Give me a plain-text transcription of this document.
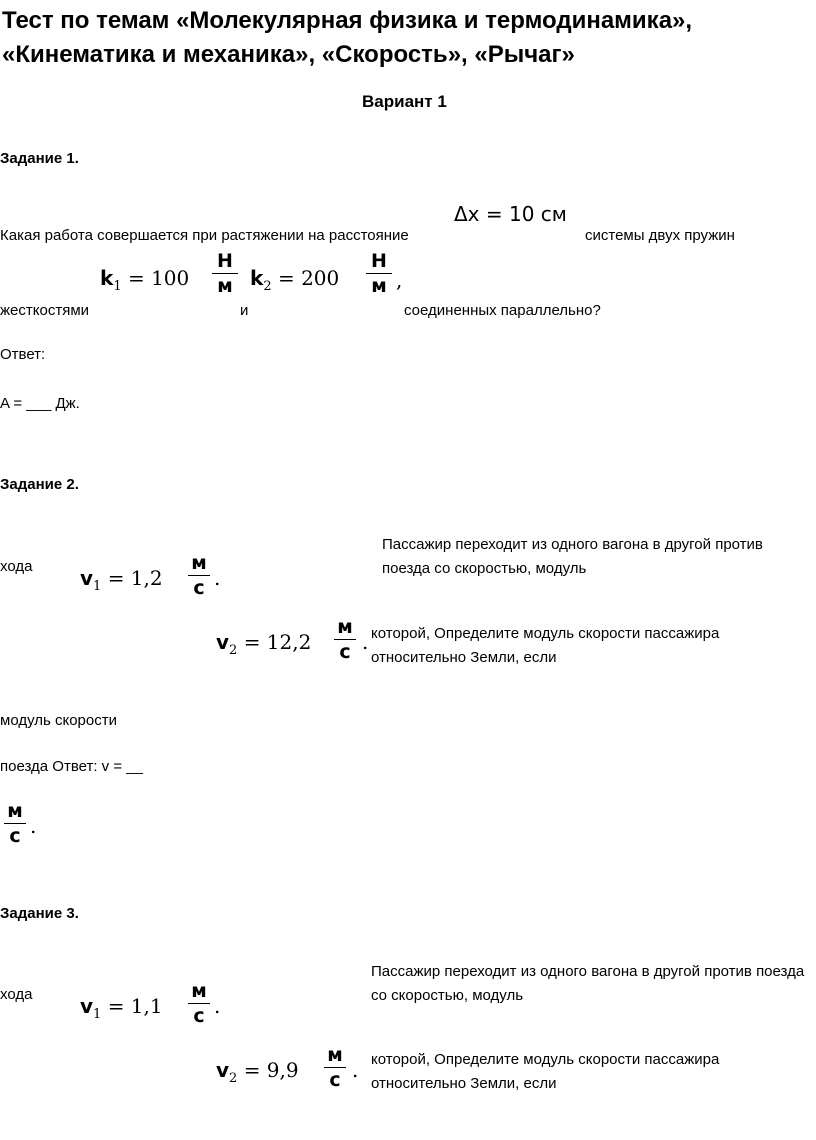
Тест по темам «Молекулярная физика и термодинамика», «Кинематика и механика», «Скорость», «Рычаг»
Вариант 1
Задание 1.
Какая работа совершается при растяжении на расстояние
Δx = 10 см
системы двух пружин
жесткостями
$k_1 = 100$
Н
м
и
$k_2 = 200$
Н
м ,
соединенных параллельно?
Ответ:
A = ___ Дж.
Задание 2.
Пассажир переходит из одного вагона в другой против поезда со скоростью, модуль
хода $v_1 = 1,2$
м
с .
$v_2 = 12,2$
м
с . которой, Определите модуль скорости пассажира относительно Земли, если
модуль скорости
поезда Ответ: v = __
м
с .
Задание 3.
Пассажир переходит из одного вагона в другой против поезда со скоростью, модуль
хода $v_1 = 1,1$
м
с .
$v_2 = 9,9$
м
с . которой, Определите модуль скорости пассажира относительно Земли, если
